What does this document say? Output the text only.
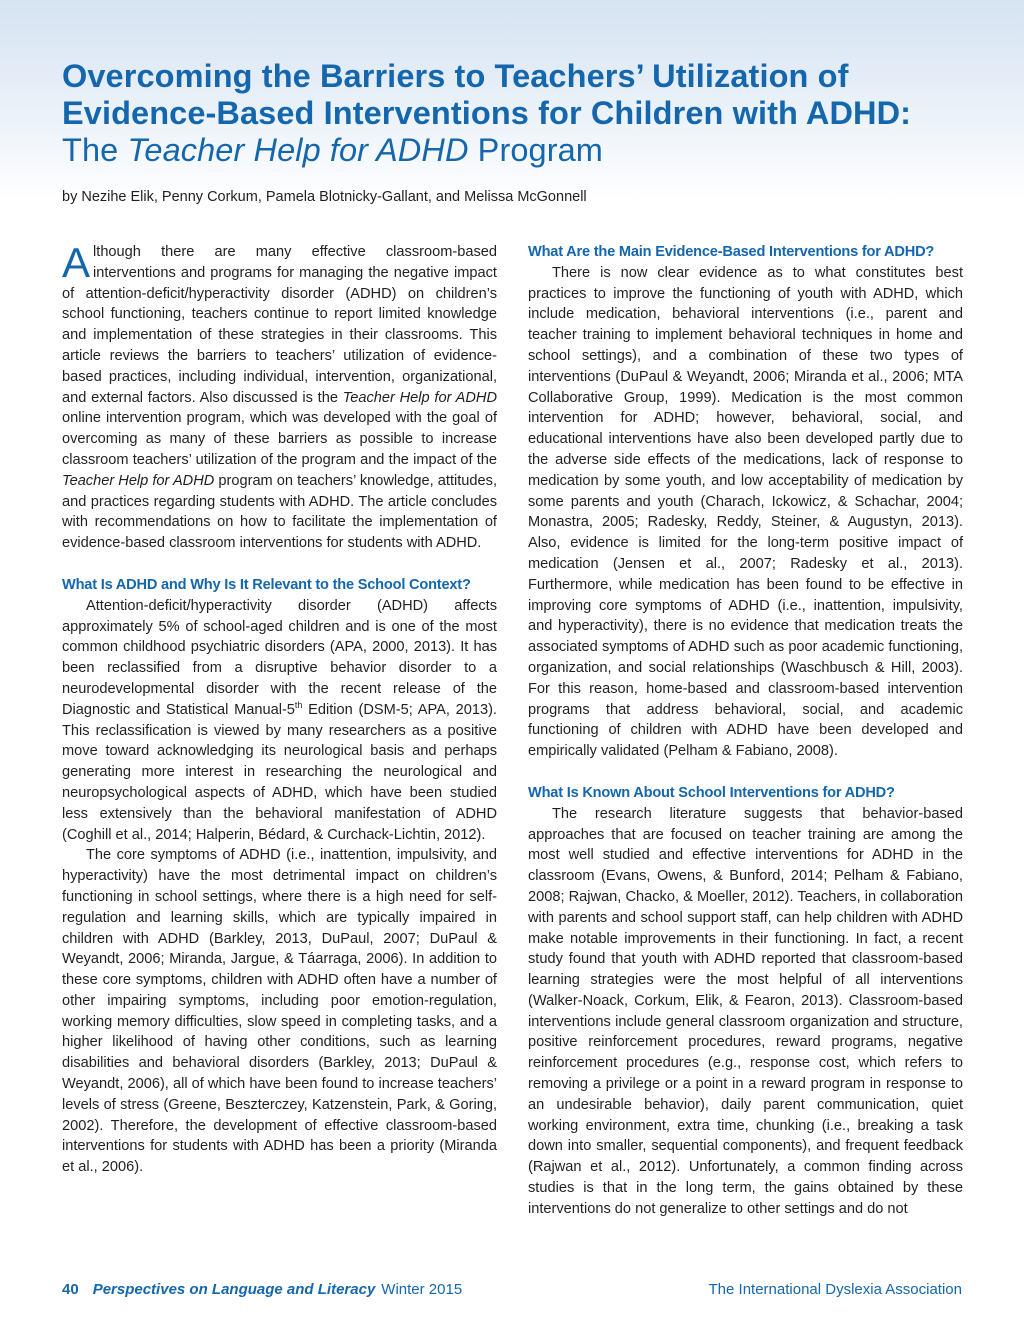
Overcoming the Barriers to Teachers’ Utilization of Evidence-Based Interventions for Children with ADHD: The Teacher Help for ADHD Program
by Nezihe Elik, Penny Corkum, Pamela Blotnicky-Gallant, and Melissa McGonnell

Although there are many effective classroom-based interventions and programs for managing the negative impact of attention-deficit/hyperactivity disorder (ADHD) on children’s school functioning, teachers continue to report limited knowledge and implementation of these strategies in their classrooms. This article reviews the barriers to teachers’ utilization of evidence-based practices, including individual, intervention, organizational, and external factors. Also discussed is the Teacher Help for ADHD online intervention program, which was developed with the goal of overcoming as many of these barriers as possible to increase classroom teachers’ utilization of the program and the impact of the Teacher Help for ADHD program on teachers’ knowledge, attitudes, and practices regarding students with ADHD. The article concludes with recommendations on how to facilitate the implementation of evidence-based classroom interventions for students with ADHD.

What Is ADHD and Why Is It Relevant to the School Context?

Attention-deficit/hyperactivity disorder (ADHD) affects approximately 5% of school-aged children and is one of the most common childhood psychiatric disorders (APA, 2000, 2013). It has been reclassified from a disruptive behavior disorder to a neurodevelopmental disorder with the recent release of the Diagnostic and Statistical Manual-5th Edition (DSM-5; APA, 2013). This reclassification is viewed by many researchers as a positive move toward acknowledging its neurological basis and perhaps generating more interest in researching the neurological and neuropsychological aspects of ADHD, which have been studied less extensively than the behavioral manifestation of ADHD (Coghill et al., 2014; Halperin, Bédard, & Curchack-Lichtin, 2012).

The core symptoms of ADHD (i.e., inattention, impulsivity, and hyperactivity) have the most detrimental impact on children’s functioning in school settings, where there is a high need for self-regulation and learning skills, which are typically impaired in children with ADHD (Barkley, 2013, DuPaul, 2007; DuPaul & Weyandt, 2006; Miranda, Jargue, & Táarraga, 2006). In addition to these core symptoms, children with ADHD often have a number of other impairing symptoms, including poor emotion-regulation, working memory difficulties, slow speed in completing tasks, and a higher likelihood of having other conditions, such as learning disabilities and behavioral disorders (Barkley, 2013; DuPaul & Weyandt, 2006), all of which have been found to increase teachers’ levels of stress (Greene, Beszterczey, Katzenstein, Park, & Goring, 2002). Therefore, the development of effective classroom-based interventions for students with ADHD has been a priority (Miranda et al., 2006).

What Are the Main Evidence-Based Interventions for ADHD?

There is now clear evidence as to what constitutes best practices to improve the functioning of youth with ADHD, which include medication, behavioral interventions (i.e., parent and teacher training to implement behavioral techniques in home and school settings), and a combination of these two types of interventions (DuPaul & Weyandt, 2006; Miranda et al., 2006; MTA Collaborative Group, 1999). Medication is the most common intervention for ADHD; however, behavioral, social, and educational interventions have also been developed partly due to the adverse side effects of the medications, lack of response to medication by some youth, and low acceptability of medication by some parents and youth (Charach, Ickowicz, & Schachar, 2004; Monastra, 2005; Radesky, Reddy, Steiner, & Augustyn, 2013). Also, evidence is limited for the long-term positive impact of medication (Jensen et al., 2007; Radesky et al., 2013). Furthermore, while medication has been found to be effective in improving core symptoms of ADHD (i.e., inattention, impulsivity, and hyperactivity), there is no evidence that medication treats the associated symptoms of ADHD such as poor academic functioning, organization, and social relationships (Waschbusch & Hill, 2003). For this reason, home-based and classroom-based intervention programs that address behavioral, social, and academic functioning of children with ADHD have been developed and empirically validated (Pelham & Fabiano, 2008).

What Is Known About School Interventions for ADHD?

The research literature suggests that behavior-based approaches that are focused on teacher training are among the most well studied and effective interventions for ADHD in the classroom (Evans, Owens, & Bunford, 2014; Pelham & Fabiano, 2008; Rajwan, Chacko, & Moeller, 2012). Teachers, in collaboration with parents and school support staff, can help children with ADHD make notable improvements in their functioning. In fact, a recent study found that youth with ADHD reported that classroom-based learning strategies were the most helpful of all interventions (Walker-Noack, Corkum, Elik, & Fearon, 2013). Classroom-based interventions include general classroom organization and structure, positive reinforcement procedures, reward programs, negative reinforcement procedures (e.g., response cost, which refers to removing a privilege or a point in a reward program in response to an undesirable behavior), daily parent communication, quiet working environment, extra time, chunking (i.e., breaking a task down into smaller, sequential components), and frequent feedback (Rajwan et al., 2012). Unfortunately, a common finding across studies is that in the long term, the gains obtained by these interventions do not generalize to other settings and do not

40 Perspectives on Language and Literacy Winter 2015	The International Dyslexia Association
